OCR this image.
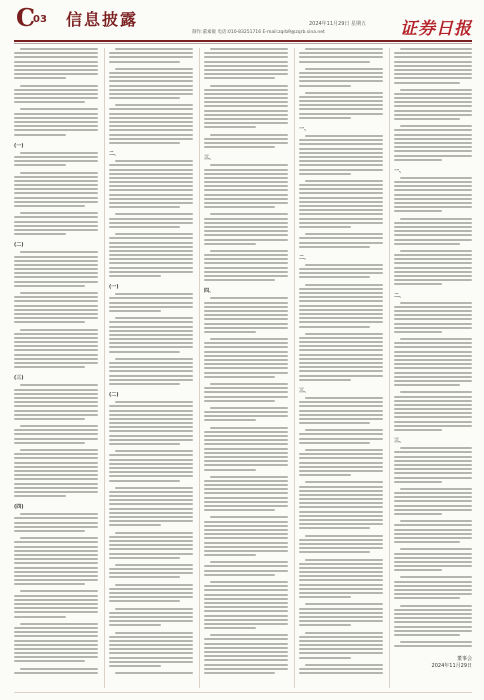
C
03 信息披露	2024年11月29日 星期五
制作:董素敏 电话:010-83251716 E-mail:zqrb9@zqrb.sina.net	证券日报
(一)
(二)
(三)
(四)
二、
(一)
(二)
三、
四、
一、
二、
三、
一、
二、
三、
董事会
2024年11月29日
